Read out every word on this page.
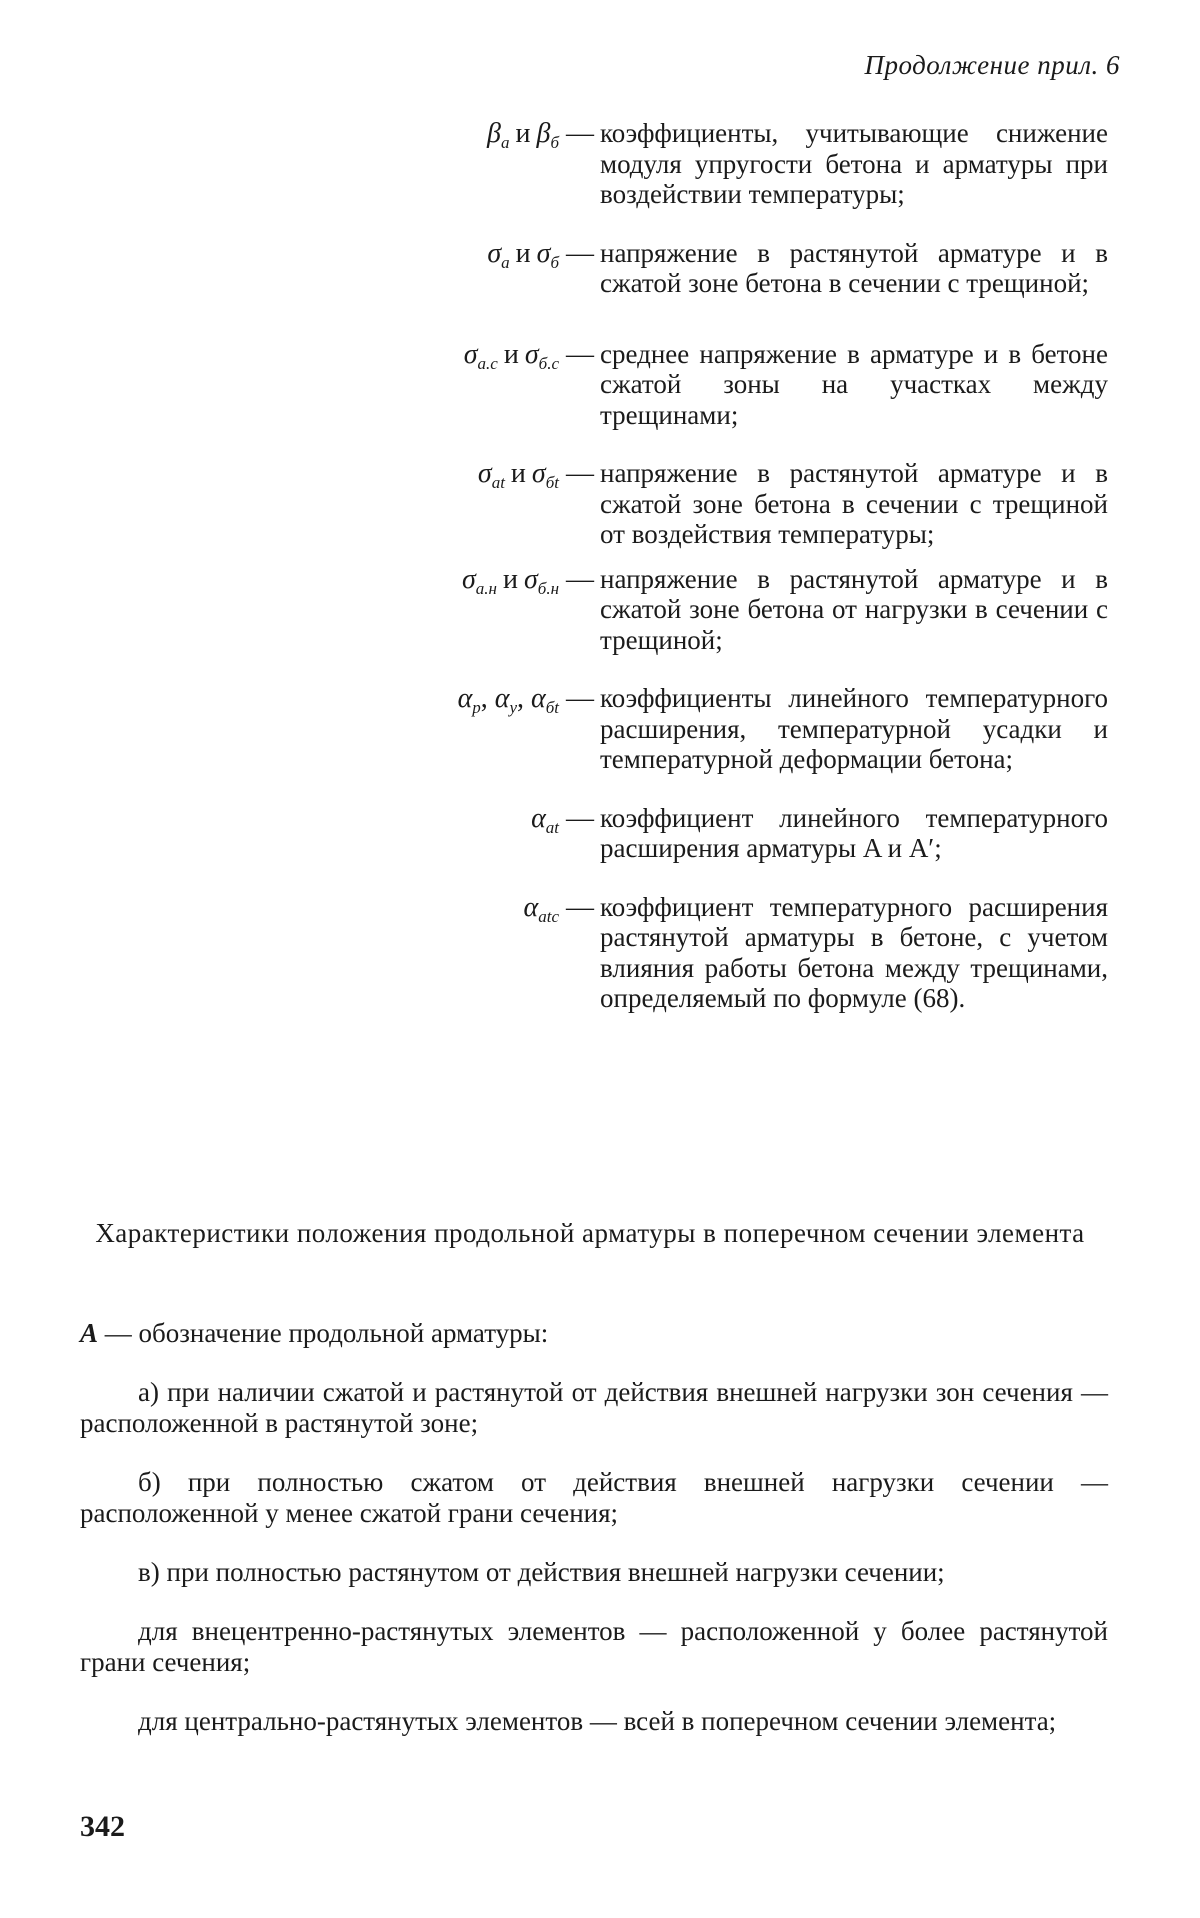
Продолжение прил. 6
$\beta_а$ и $\beta_б$ — коэффициенты, учитывающие снижение модуля упругости бетона и арматуры при воздействии температуры;
$\sigma_а$ и $\sigma_б$ — напряжение в растянутой арматуре и в сжатой зоне бетона в сечении с трещиной;
$\sigma_{а.с}$ и $\sigma_{б.с}$ — среднее напряжение в арматуре и в бетоне сжатой зоны на участках между трещинами;
$\sigma_{аt}$ и $\sigma_{бt}$ — напряжение в растянутой арматуре и в сжатой зоне бетона в сечении с трещиной от воздействия температуры;
$\sigma_{а.н}$ и $\sigma_{б.н}$ — напряжение в растянутой арматуре и в сжатой зоне бетона от нагрузки в сечении с трещиной;
$\alpha_р$, $\alpha_у$, $\alpha_{бt}$ — коэффициенты линейного температурного расширения, температурной усадки и температурной деформации бетона;
$\alpha_{аt}$ — коэффициент линейного температурного расширения арматуры A и A′;
$\alpha_{atc}$ — коэффициент температурного расширения растянутой арматуры в бетоне, с учетом влияния работы бетона между трещинами, определяемый по формуле (68).
Характеристики положения продольной арматуры в поперечном сечении элемента

A — обозначение продольной арматуры:

а) при наличии сжатой и растянутой от действия внешней нагрузки зон сечения — расположенной в растянутой зоне;

б) при полностью сжатом от действия внешней нагрузки сечении — расположенной у менее сжатой грани сечения;

в) при полностью растянутом от действия внешней нагрузки сечении;

для внецентренно-растянутых элементов — расположенной у более растянутой грани сечения;

для центрально-растянутых элементов — всей в поперечном сечении элемента;

342
